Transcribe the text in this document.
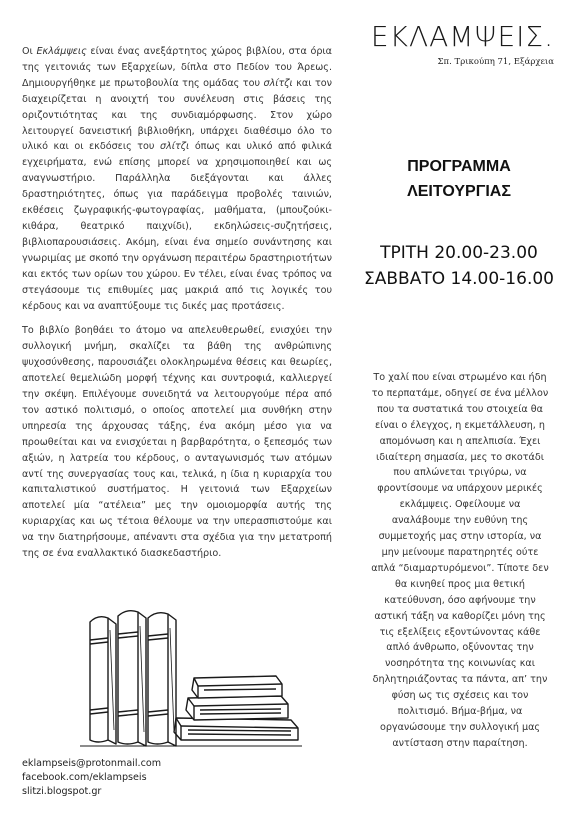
Οι Εκλάμψεις είναι ένας ανεξάρτητος χώρος βιβλίου, στα όρια της γειτονιάς των Εξαρχείων, δίπλα στο Πεδίον του Άρεως. Δημιουργήθηκε με πρωτοβουλία της ομάδας του σλίτζι και τον διαχειρίζεται η ανοιχτή του συνέλευση στις βάσεις της οριζοντιότητας και της συνδιαμόρφωσης. Στον χώρο λειτουργεί δανειστική βιβλιοθήκη, υπάρχει διαθέσιμο όλο το υλικό και οι εκδόσεις του σλίτζι όπως και υλικό από φιλικά εγχειρήματα, ενώ επίσης μπορεί να χρησιμοποιηθεί και ως αναγνωστήριο. Παράλληλα διεξάγονται και άλλες δραστηριότητες, όπως για παράδειγμα προβολές ταινιών, εκθέσεις ζωγραφικής-φωτογραφίας, μαθήματα, (μπουζούκι-κιθάρα, θεατρικό παιχνίδι), εκδηλώσεις-συζητήσεις, βιβλιοπαρουσιάσεις. Ακόμη, είναι ένα σημείο συνάντησης και γνωριμίας με σκοπό την οργάνωση περαιτέρω δραστηριοτήτων και εκτός των ορίων του χώρου. Εν τέλει, είναι ένας τρόπος να στεγάσουμε τις επιθυμίες μας μακριά από τις λογικές του κέρδους και να αναπτύξουμε τις δικές μας προτάσεις.

Το βιβλίο βοηθάει το άτομο να απελευθερωθεί, ενισχύει την συλλογική μνήμη, σκαλίζει τα βάθη της ανθρώπινης ψυχοσύνθεσης, παρουσιάζει ολοκληρωμένα θέσεις και θεωρίες, αποτελεί θεμελιώδη μορφή τέχνης και συντροφιά, καλλιεργεί την σκέψη. Επιλέγουμε συνειδητά να λειτουργούμε πέρα από τον αστικό πολιτισμό, ο οποίος αποτελεί μια συνθήκη στην υπηρεσία της άρχουσας τάξης, ένα ακόμη μέσο για να προωθείται και να ενισχύεται η βαρβαρότητα, ο ξεπεσμός των αξιών, η λατρεία του κέρδους, ο ανταγωνισμός των ατόμων αντί της συνεργασίας τους και, τελικά, η ίδια η κυριαρχία του καπιταλιστικού συστήματος. Η γειτονιά των Εξαρχείων αποτελεί μία “ατέλεια” μες την ομοιομορφία αυτής της κυριαρχίας και ως τέτοια θέλουμε να την υπερασπιστούμε και να την διατηρήσουμε, απέναντι στα σχέδια για την μετατροπή της σε ένα εναλλακτικό διασκεδαστήριο.

ΕΚΛΑΜΨΕΙΣ.
Σπ. Τρικούπη 71, Εξάρχεια
ΠΡΟΓΡΑΜΜΑ
ΛΕΙΤΟΥΡΓΙΑΣ
ΤΡΙΤΗ 20.00-23.00
ΣΑΒΒΑΤΟ 14.00-16.00

Το χαλί που είναι στρωμένο και ήδη το περπατάμε, οδηγεί σε ένα μέλλον που τα συστατικά του στοιχεία θα είναι ο έλεγχος, η εκμετάλλευση, η απομόνωση και η απελπισία. Έχει ιδιαίτερη σημασία, μες το σκοτάδι που απλώνεται τριγύρω, να φροντίσουμε να υπάρχουν μερικές εκλάμψεις. Οφείλουμε να αναλάβουμε την ευθύνη της συμμετοχής μας στην ιστορία, να μην μείνουμε παρατηρητές ούτε απλά “διαμαρτυρόμενοι”. Τίποτε δεν θα κινηθεί προς μια θετική κατεύθυνση, όσο αφήνουμε την αστική τάξη να καθορίζει μόνη της τις εξελίξεις εξοντώνοντας κάθε απλό άνθρωπο, οξύνοντας την νοσηρότητα της κοινωνίας και δηλητηριάζοντας τα πάντα, απ’ την φύση ως τις σχέσεις και τον πολιτισμό. Βήμα-βήμα, να οργανώσουμε την συλλογική μας αντίσταση στην παραίτηση.

eklampseis@protonmail.com
facebook.com/eklampseis
slitzi.blogspot.gr
